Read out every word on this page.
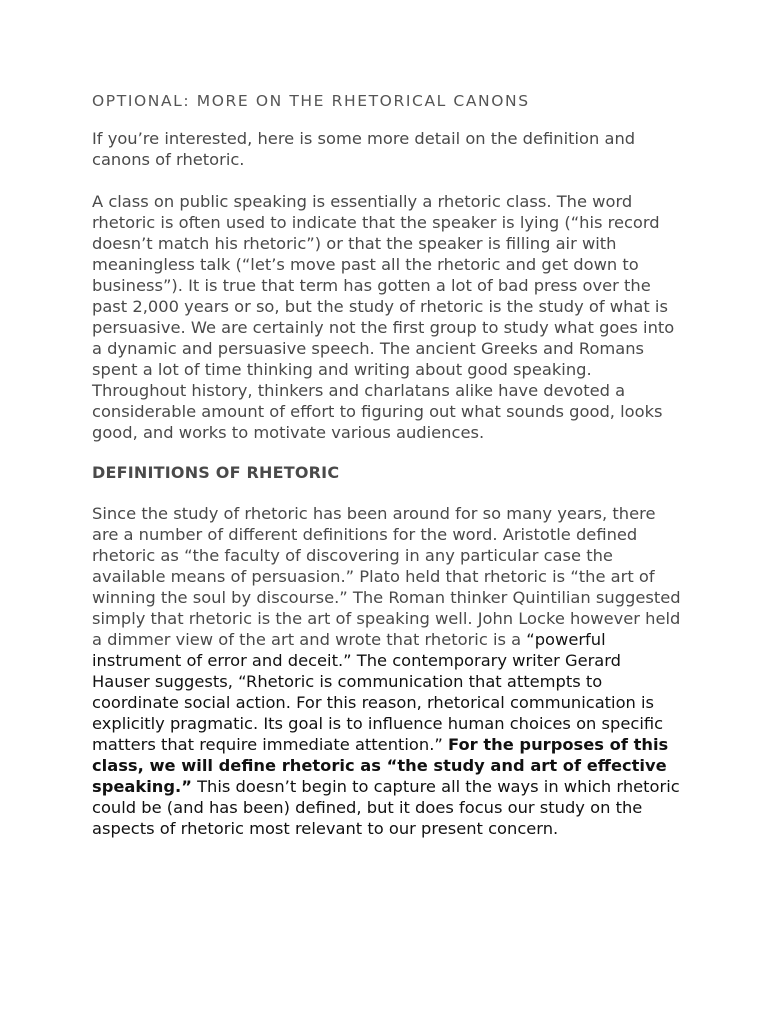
OPTIONAL: MORE ON THE RHETORICAL CANONS

If you’re interested, here is some more detail on the definition and canons of rhetoric.

A class on public speaking is essentially a rhetoric class. The word rhetoric is often used to indicate that the speaker is lying (“his record doesn’t match his rhetoric”) or that the speaker is filling air with meaningless talk (“let’s move past all the rhetoric and get down to business”). It is true that term has gotten a lot of bad press over the past 2,000 years or so, but the study of rhetoric is the study of what is persuasive. We are certainly not the first group to study what goes into a dynamic and persuasive speech. The ancient Greeks and Romans spent a lot of time thinking and writing about good speaking. Throughout history, thinkers and charlatans alike have devoted a considerable amount of effort to figuring out what sounds good, looks good, and works to motivate various audiences.

DEFINITIONS OF RHETORIC

Since the study of rhetoric has been around for so many years, there are a number of different definitions for the word. Aristotle defined rhetoric as “the faculty of discovering in any particular case the available means of persuasion.” Plato held that rhetoric is “the art of winning the soul by discourse.” The Roman thinker Quintilian suggested simply that rhetoric is the art of speaking well. John Locke however held a dimmer view of the art and wrote that rhetoric is a “powerful instrument of error and deceit.” The contemporary writer Gerard Hauser suggests, “Rhetoric is communication that attempts to coordinate social action. For this reason, rhetorical communication is explicitly pragmatic. Its goal is to influence human choices on specific matters that require immediate attention.” For the purposes of this class, we will define rhetoric as “the study and art of effective speaking.” This doesn’t begin to capture all the ways in which rhetoric could be (and has been) defined, but it does focus our study on the aspects of rhetoric most relevant to our present concern.
